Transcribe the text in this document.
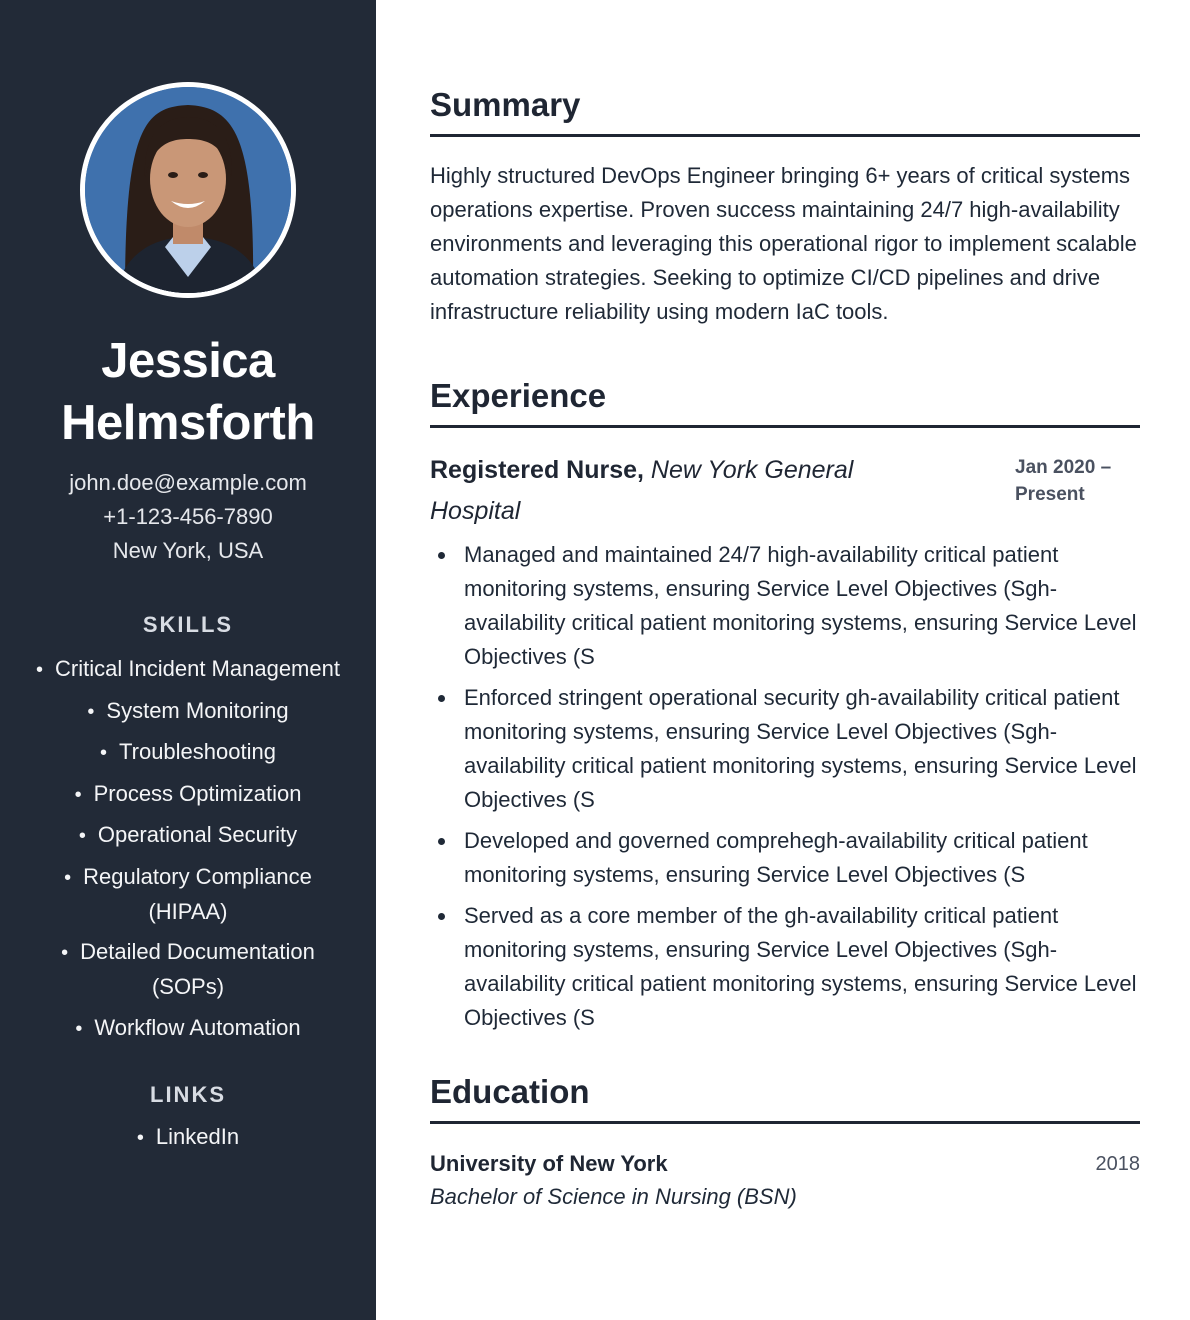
Jessica Helmsforth
john.doe@example.com
+1-123-456-7890
New York, USA
SKILLS
• Critical Incident Management
• System Monitoring
• Troubleshooting
• Process Optimization
• Operational Security
• Regulatory Compliance (HIPAA)
• Detailed Documentation (SOPs)
• Workflow Automation
LINKS
• LinkedIn
Summary

Highly structured DevOps Engineer bringing 6+ years of critical systems operations expertise. Proven success maintaining 24/7 high-availability environments and leveraging this operational rigor to implement scalable automation strategies. Seeking to optimize CI/CD pipelines and drive infrastructure reliability using modern IaC tools.

Experience
Registered Nurse, New York General Hospital
Jan 2020 – Present
Managed and maintained 24/7 high-availability critical patient monitoring systems, ensuring Service Level Objectives (Sgh-availability critical patient monitoring systems, ensuring Service Level Objectives (S
Enforced stringent operational security gh-availability critical patient monitoring systems, ensuring Service Level Objectives (Sgh-availability critical patient monitoring systems, ensuring Service Level Objectives (S
Developed and governed comprehegh-availability critical patient monitoring systems, ensuring Service Level Objectives (S
Served as a core member of the gh-availability critical patient monitoring systems, ensuring Service Level Objectives (Sgh-availability critical patient monitoring systems, ensuring Service Level Objectives (S
Education
University of New York	2018
Bachelor of Science in Nursing (BSN)
